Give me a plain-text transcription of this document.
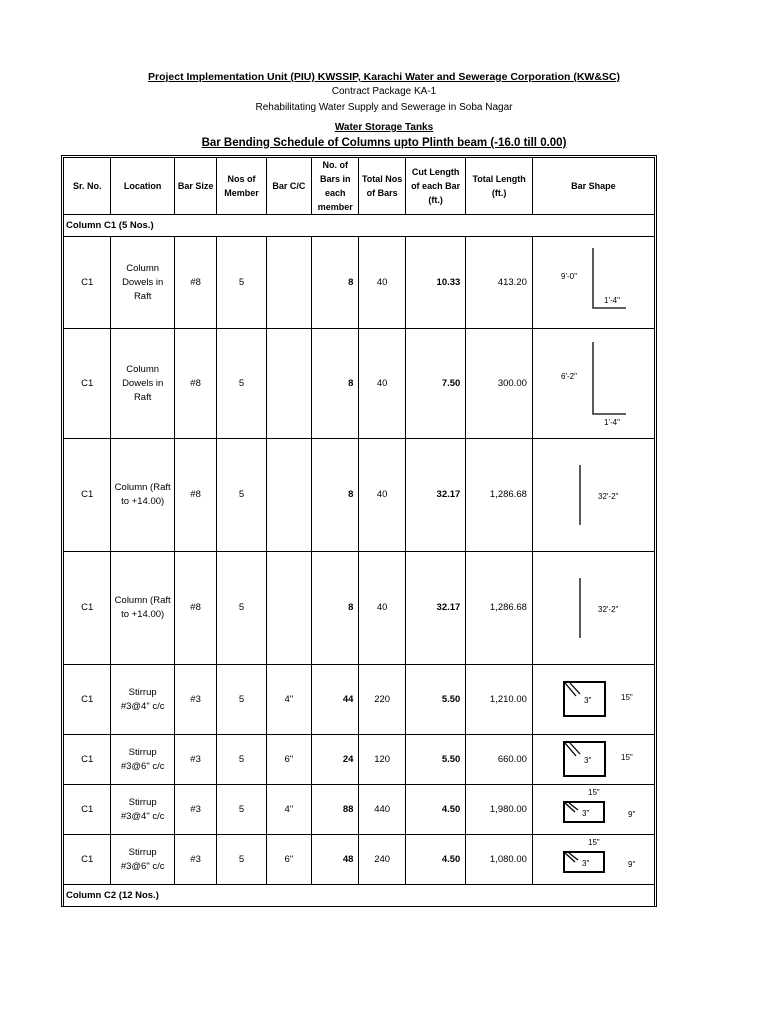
Project Implementation Unit (PIU) KWSSIP, Karachi Water and Sewerage Corporation (KW&SC)
Contract Package KA-1
Rehabilitating Water Supply and Sewerage in Soba Nagar
Water Storage Tanks
Bar Bending Schedule of Columns upto Plinth beam (-16.0 till 0.00)
Sr. No.	Location	Bar Size	Nos of Member	Bar C/C	No. of Bars in each member	Total Nos of Bars	Cut Length of each Bar (ft.)	Total Length (ft.)	Bar Shape
Column C1 (5 Nos.)									
C1	Column Dowels in Raft	#8	5		8	40	10.33	413.20	9'-0"
1'-4"

C1	Column Dowels in Raft	#8	5		8	40	7.50	300.00	6'-2"
1'-4"

C1	Column (Raft to +14.00)	#8	5		8	40	32.17	1,286.68	32'-2"

C1	Column (Raft to +14.00)	#8	5		8	40	32.17	1,286.68	32'-2"

C1	Stirrup #3@4" c/c	#3	5	4"	44	220	5.50	1,210.00	3" 15"

C1	Stirrup #3@6" c/c	#3	5	6"	24	120	5.50	660.00	3" 15"

C1	Stirrup #3@4" c/c	#3	5	4"	88	440	4.50	1,980.00	3" 9"
15"

C1	Stirrup #3@6" c/c	#3	5	6"	48	240	4.50	1,080.00	3" 9"
15"

Column C2 (12 Nos.)									
